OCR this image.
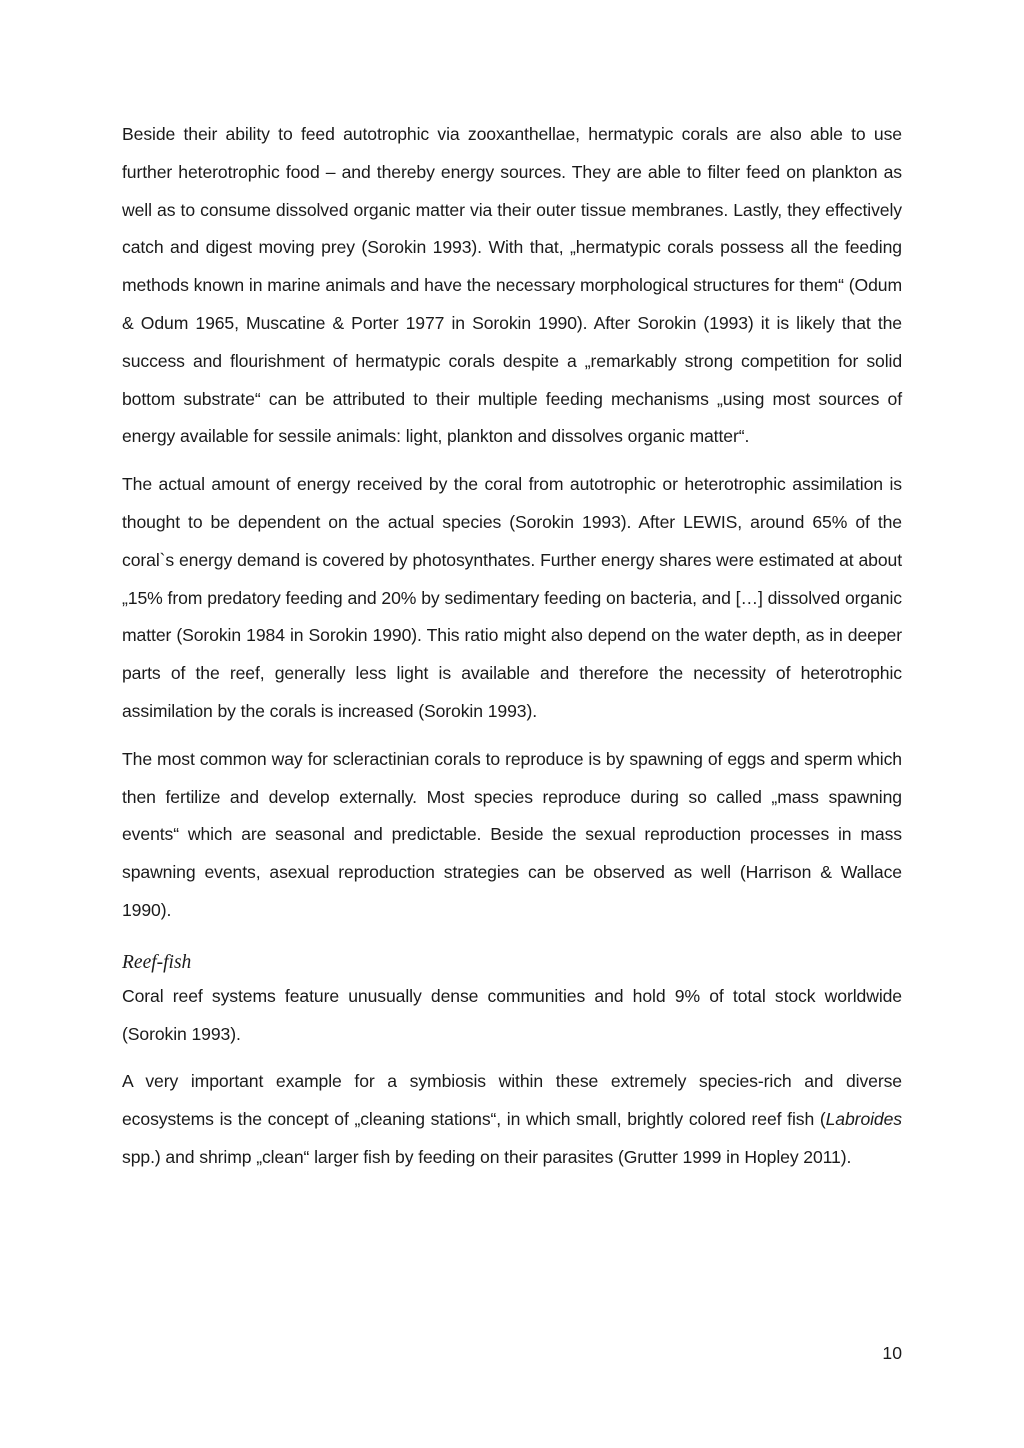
Beside their ability to feed autotrophic via zooxanthellae, hermatypic corals are also able to use further heterotrophic food – and thereby energy sources. They are able to filter feed on plankton as well as to consume dissolved organic matter via their outer tissue membranes. Lastly, they effectively catch and digest moving prey (Sorokin 1993). With that, „hermatypic corals possess all the feeding methods known in marine animals and have the necessary morphological structures for them“ (Odum & Odum 1965, Muscatine & Porter 1977 in Sorokin 1990). After Sorokin (1993) it is likely that the success and flourishment of hermatypic corals despite a „remarkably strong competition for solid bottom substrate“ can be attributed to their multiple feeding mechanisms „using most sources of energy available for sessile animals: light, plankton and dissolves organic matter“.

The actual amount of energy received by the coral from autotrophic or heterotrophic assimilation is thought to be dependent on the actual species (Sorokin 1993). After LEWIS, around 65% of the coral`s energy demand is covered by photosynthates. Further energy shares were estimated at about „15% from predatory feeding and 20% by sedimentary feeding on bacteria, and […] dissolved organic matter (Sorokin 1984 in Sorokin 1990). This ratio might also depend on the water depth, as in deeper parts of the reef, generally less light is available and therefore the necessity of heterotrophic assimilation by the corals is increased (Sorokin 1993).

The most common way for scleractinian corals to reproduce is by spawning of eggs and sperm which then fertilize and develop externally. Most species reproduce during so called „mass spawning events“ which are seasonal and predictable. Beside the sexual reproduction processes in mass spawning events, asexual reproduction strategies can be observed as well (Harrison & Wallace 1990).

Reef-fish

Coral reef systems feature unusually dense communities and hold 9% of total stock worldwide (Sorokin 1993).

A very important example for a symbiosis within these extremely species-rich and diverse ecosystems is the concept of „cleaning stations“, in which small, brightly colored reef fish (Labroides spp.) and shrimp „clean“ larger fish by feeding on their parasites (Grutter 1999 in Hopley 2011).

10
